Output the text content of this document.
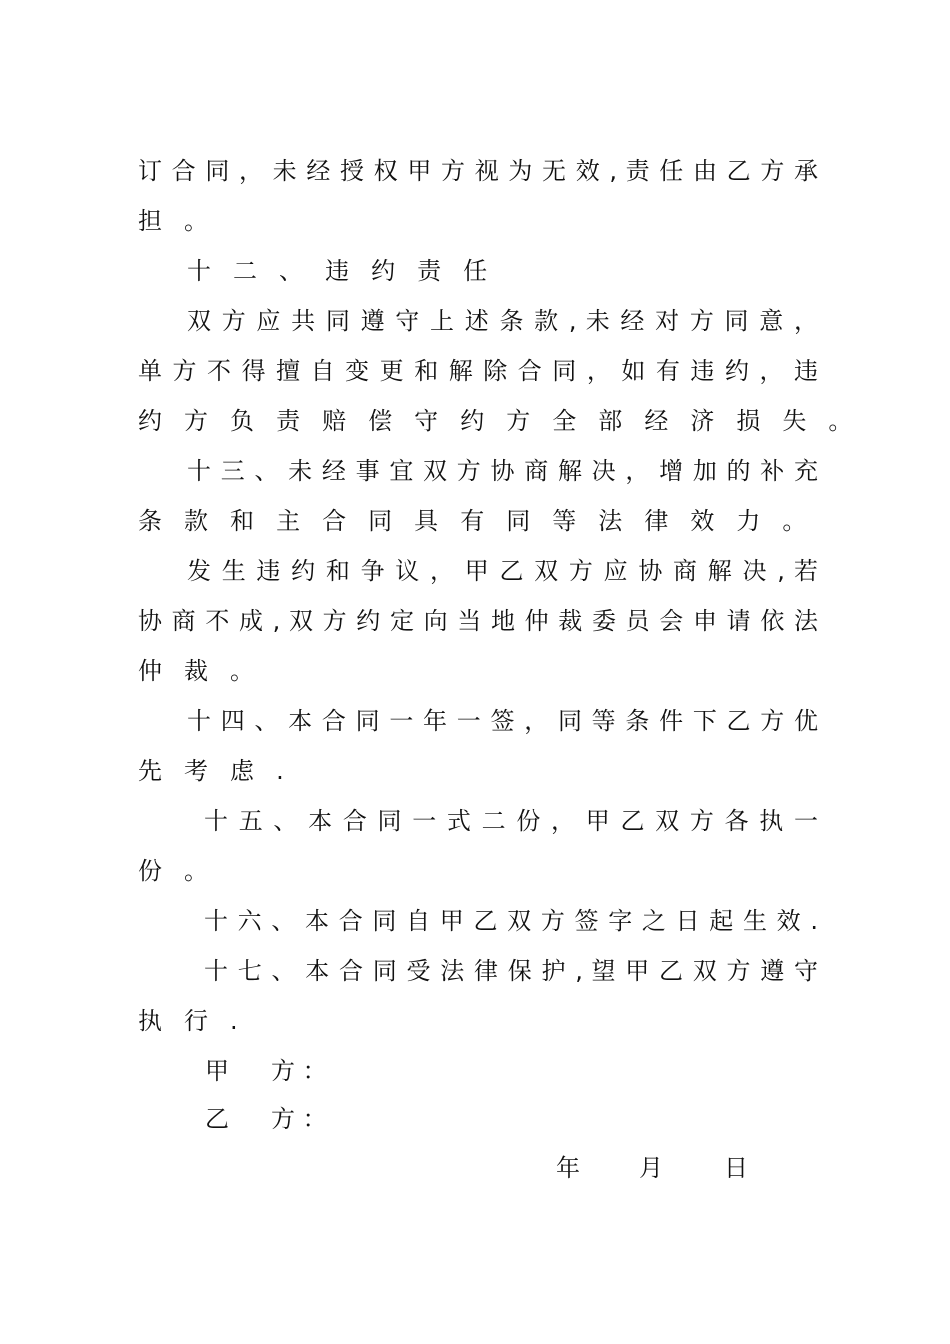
订 合 同 ， 未 经 授 权 甲 方 视 为 无 效 , 责 任 由 乙 方 承
担 。
十 二 、 违 约 责 任
双 方 应 共 同 遵 守 上 述 条 款 , 未 经 对 方 同 意 ，
单 方 不 得 擅 自 变 更 和 解 除 合 同 ， 如 有 违 约 ， 违
约 方 负 责 赔 偿 守 约 方 全 部 经 济 损 失 。
十 三 、 未 经 事 宜 双 方 协 商 解 决 ， 增 加 的 补 充
条 款 和 主 合 同 具 有 同 等 法 律 效 力 。
发 生 违 约 和 争 议 ， 甲 乙 双 方 应 协 商 解 决 , 若
协 商 不 成 , 双 方 约 定 向 当 地 仲 裁 委 员 会 申 请 依 法
仲 裁 。
十 四 、 本 合 同 一 年 一 签 ， 同 等 条 件 下 乙 方 优
先 考 虑 .
十 五 、 本 合 同 一 式 二 份 ， 甲 乙 双 方 各 执 一
份 。
十 六 、 本 合 同 自 甲 乙 双 方 签 字 之 日 起 生 效 .
十 七 、 本 合 同 受 法 律 保 护 , 望 甲 乙 双 方 遵 守
执 行 .
甲 方 ：
乙 方 ：
年 月	日
